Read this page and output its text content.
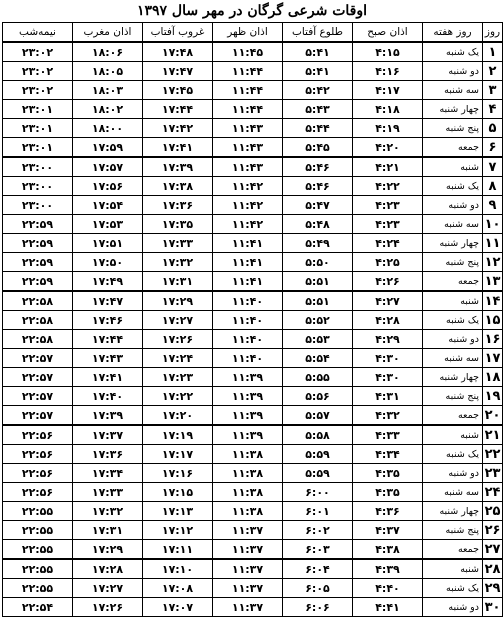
اوقات شرعی گرگان در مهر سال ۱۳۹۷
روز	روز هفته	اذان صبح	طلوع آفتاب	اذان ظهر	غروب آفتاب	اذان مغرب	نیمه‌شب
۱	یک شنبه	۴:۱۵	۵:۴۱	۱۱:۴۵	۱۷:۴۸	۱۸:۰۶	۲۳:۰۲
۲	دو شنبه	۴:۱۶	۵:۴۱	۱۱:۴۴	۱۷:۴۷	۱۸:۰۵	۲۳:۰۲
۳	سه شنبه	۴:۱۷	۵:۴۲	۱۱:۴۴	۱۷:۴۵	۱۸:۰۳	۲۳:۰۲
۴	چهار شنبه	۴:۱۸	۵:۴۳	۱۱:۴۴	۱۷:۴۴	۱۸:۰۲	۲۳:۰۱
۵	پنج شنبه	۴:۱۹	۵:۴۴	۱۱:۴۳	۱۷:۴۲	۱۸:۰۰	۲۳:۰۱
۶	جمعه	۴:۲۰	۵:۴۵	۱۱:۴۳	۱۷:۴۱	۱۷:۵۹	۲۳:۰۱
۷	شنبه	۴:۲۱	۵:۴۶	۱۱:۴۳	۱۷:۳۹	۱۷:۵۷	۲۳:۰۰
۸	یک شنبه	۴:۲۲	۵:۴۶	۱۱:۴۲	۱۷:۳۸	۱۷:۵۶	۲۳:۰۰
۹	دو شنبه	۴:۲۳	۵:۴۷	۱۱:۴۲	۱۷:۳۶	۱۷:۵۴	۲۳:۰۰
۱۰	سه شنبه	۴:۲۳	۵:۴۸	۱۱:۴۲	۱۷:۳۵	۱۷:۵۳	۲۲:۵۹
۱۱	چهار شنبه	۴:۲۴	۵:۴۹	۱۱:۴۱	۱۷:۳۳	۱۷:۵۱	۲۲:۵۹
۱۲	پنج شنبه	۴:۲۵	۵:۵۰	۱۱:۴۱	۱۷:۳۲	۱۷:۵۰	۲۲:۵۹
۱۳	جمعه	۴:۲۶	۵:۵۱	۱۱:۴۱	۱۷:۳۱	۱۷:۴۹	۲۲:۵۹
۱۴	شنبه	۴:۲۷	۵:۵۱	۱۱:۴۰	۱۷:۲۹	۱۷:۴۷	۲۲:۵۸
۱۵	یک شنبه	۴:۲۸	۵:۵۲	۱۱:۴۰	۱۷:۲۷	۱۷:۴۶	۲۲:۵۸
۱۶	دو شنبه	۴:۲۹	۵:۵۳	۱۱:۴۰	۱۷:۲۶	۱۷:۴۴	۲۲:۵۸
۱۷	سه شنبه	۴:۳۰	۵:۵۴	۱۱:۴۰	۱۷:۲۴	۱۷:۴۳	۲۲:۵۷
۱۸	چهار شنبه	۴:۳۰	۵:۵۵	۱۱:۳۹	۱۷:۲۳	۱۷:۴۱	۲۲:۵۷
۱۹	پنج شنبه	۴:۳۱	۵:۵۶	۱۱:۳۹	۱۷:۲۲	۱۷:۴۰	۲۲:۵۷
۲۰	جمعه	۴:۳۲	۵:۵۷	۱۱:۳۹	۱۷:۲۰	۱۷:۳۹	۲۲:۵۷
۲۱	شنبه	۴:۳۳	۵:۵۸	۱۱:۳۹	۱۷:۱۹	۱۷:۳۷	۲۲:۵۶
۲۲	یک شنبه	۴:۳۴	۵:۵۹	۱۱:۳۸	۱۷:۱۷	۱۷:۳۶	۲۲:۵۶
۲۳	دو شنبه	۴:۳۵	۵:۵۹	۱۱:۳۸	۱۷:۱۶	۱۷:۳۴	۲۲:۵۶
۲۴	سه شنبه	۴:۳۵	۶:۰۰	۱۱:۳۸	۱۷:۱۵	۱۷:۳۳	۲۲:۵۶
۲۵	چهار شنبه	۴:۳۶	۶:۰۱	۱۱:۳۸	۱۷:۱۳	۱۷:۳۲	۲۲:۵۵
۲۶	پنج شنبه	۴:۳۷	۶:۰۲	۱۱:۳۷	۱۷:۱۲	۱۷:۳۱	۲۲:۵۵
۲۷	جمعه	۴:۳۸	۶:۰۳	۱۱:۳۷	۱۷:۱۱	۱۷:۲۹	۲۲:۵۵
۲۸	شنبه	۴:۳۹	۶:۰۴	۱۱:۳۷	۱۷:۱۰	۱۷:۲۸	۲۲:۵۵
۲۹	یک شنبه	۴:۴۰	۶:۰۵	۱۱:۳۷	۱۷:۰۸	۱۷:۲۷	۲۲:۵۵
۳۰	دو شنبه	۴:۴۱	۶:۰۶	۱۱:۳۷	۱۷:۰۷	۱۷:۲۶	۲۲:۵۴
